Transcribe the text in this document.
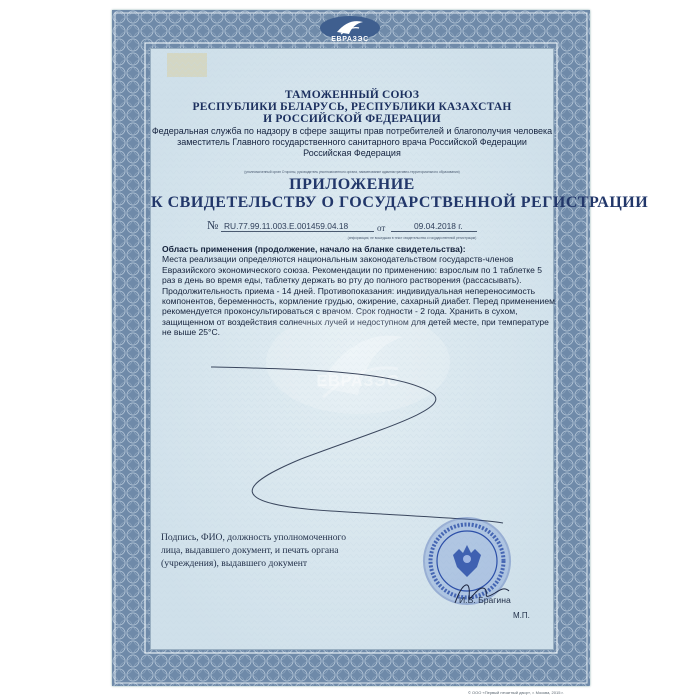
ЕВРАЗЭС
ТАМОЖЕННЫЙ СОЮЗ
РЕСПУБЛИКИ БЕЛАРУСЬ, РЕСПУБЛИКИ КАЗАХСТАН
И РОССИЙСКОЙ ФЕДЕРАЦИИ
Федеральная служба по надзору в сфере защиты прав потребителей и благополучия человека
заместитель Главного государственного санитарного врача Российской Федерации
Российская Федерация
(уполномоченный орган Стороны, руководитель уполномоченного органа, наименование административно-территориального образования)
ПРИЛОЖЕНИЕ
К СВИДЕТЕЛЬСТВУ О ГОСУДАРСТВЕННОЙ РЕГИСТРАЦИИ
№ RU.77.99.11.003.E.001459.04.18	от	09.04.2018 г.
(информация, не вошедшая в текст свидетельства о государственной регистрации)
Область применения (продолжение, начало на бланке свидетельства):
Места реализации определяются национальным законодательством государств-членов
Евразийского экономического союза. Рекомендации по применению: взрослым по 1 таблетке 5
раз в день во время еды, таблетку держать во рту до полного растворения (рассасывать).
Продолжительность приема - 14 дней. Противопоказания: индивидуальная непереносимость
компонентов, беременность, кормление грудью, ожирение, сахарный диабет. Перед применением
рекомендуется проконсультироваться с врачом. Срок годности - 2 года. Хранить в сухом,
защищенном от воздействия солнечных лучей и недоступном для детей месте, при температуре
не выше 25°С.
ЕВРАЗЭС
Подпись, ФИО, должность уполномоченного
лица, выдавшего документ, и печать органа
(учреждения), выдавшего документ
И.В. Брагина
М.П.
© ООО «Первый печатный двор», г. Москва, 2015 г.
